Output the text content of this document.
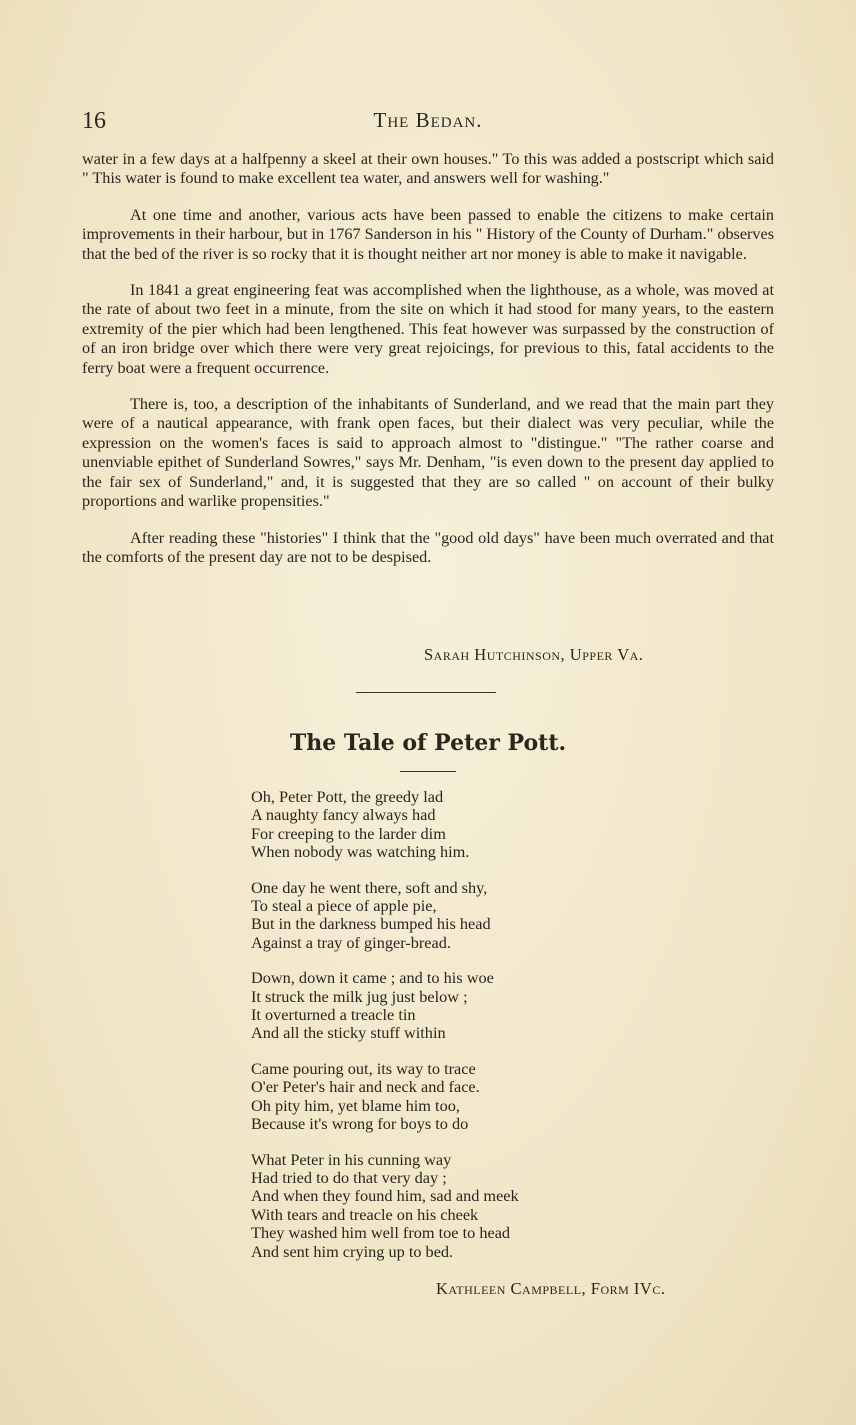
16	The Bedan.

water in a few days at a halfpenny a skeel at their own houses." To this was added a postscript which said " This water is found to make excellent tea water, and answers well for washing."

At one time and another, various acts have been passed to enable the citizens to make certain improvements in their harbour, but in 1767 Sanderson in his " History of the County of Durham." observes that the bed of the river is so rocky that it is thought neither art nor money is able to make it navigable.

In 1841 a great engineering feat was accomplished when the lighthouse, as a whole, was moved at the rate of about two feet in a minute, from the site on which it had stood for many years, to the eastern extremity of the pier which had been lengthened. This feat however was surpassed by the construction of of an iron bridge over which there were very great rejoicings, for previous to this, fatal accidents to the ferry boat were a frequent occurrence.

There is, too, a description of the inhabitants of Sunderland, and we read that the main part they were of a nautical appearance, with frank open faces, but their dialect was very peculiar, while the expression on the women's faces is said to approach almost to "distingue." "The rather coarse and unenviable epithet of Sunderland Sowres," says Mr. Denham, "is even down to the present day applied to the fair sex of Sunderland," and, it is suggested that they are so called " on account of their bulky proportions and warlike propensities."

After reading these "histories" I think that the "good old days" have been much overrated and that the comforts of the present day are not to be despised.

Sarah Hutchinson, Upper Va.
The Tale of Peter Pott.
Oh, Peter Pott, the greedy lad
A naughty fancy always had
For creeping to the larder dim
When nobody was watching him.
One day he went there, soft and shy,
To steal a piece of apple pie,
But in the darkness bumped his head
Against a tray of ginger-bread.
Down, down it came ; and to his woe
It struck the milk jug just below ;
It overturned a treacle tin
And all the sticky stuff within
Came pouring out, its way to trace
O'er Peter's hair and neck and face.
Oh pity him, yet blame him too,
Because it's wrong for boys to do
What Peter in his cunning way
Had tried to do that very day ;
And when they found him, sad and meek
With tears and treacle on his cheek
They washed him well from toe to head
And sent him crying up to bed.
Kathleen Campbell, Form IVc.
